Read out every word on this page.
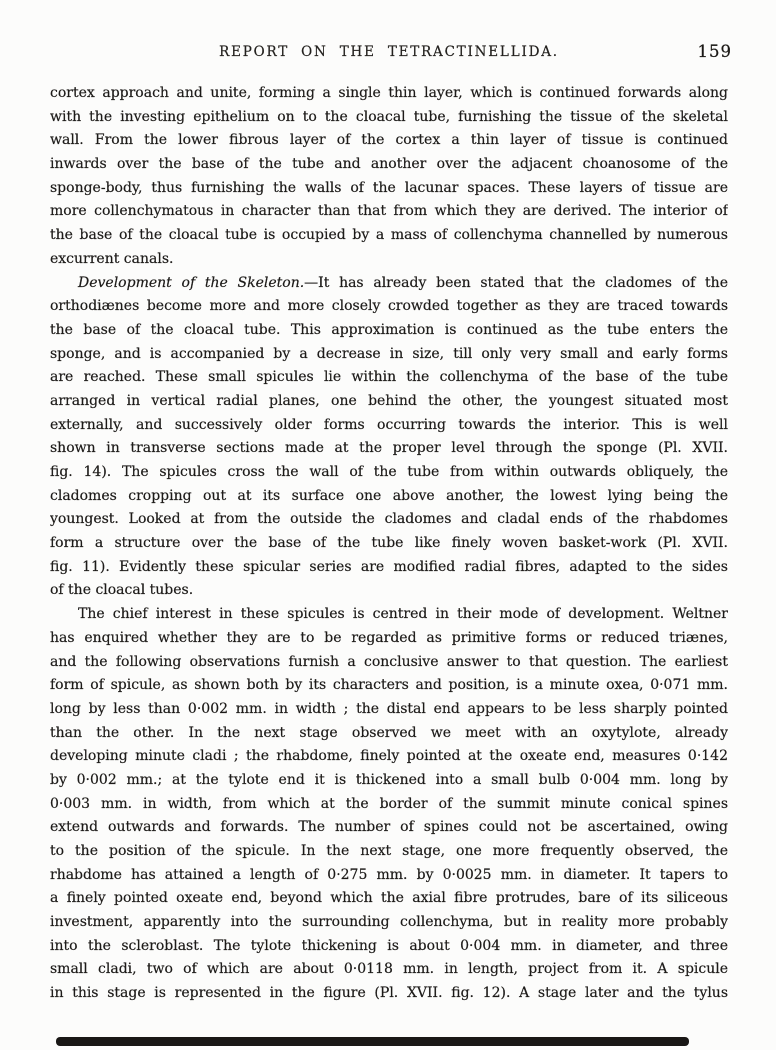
REPORT ON THE TETRACTINELLIDA.	159
cortex approach and unite, forming a single thin layer, which is continued forwards along
with the investing epithelium on to the cloacal tube, furnishing the tissue of the skeletal
wall. From the lower fibrous layer of the cortex a thin layer of tissue is continued
inwards over the base of the tube and another over the adjacent choanosome of the
sponge-body, thus furnishing the walls of the lacunar spaces. These layers of tissue are
more collenchymatous in character than that from which they are derived. The interior of
the base of the cloacal tube is occupied by a mass of collenchyma channelled by numerous
excurrent canals.
Development of the Skeleton.—It has already been stated that the cladomes of the
orthodiænes become more and more closely crowded together as they are traced towards
the base of the cloacal tube. This approximation is continued as the tube enters the
sponge, and is accompanied by a decrease in size, till only very small and early forms
are reached. These small spicules lie within the collenchyma of the base of the tube
arranged in vertical radial planes, one behind the other, the youngest situated most
externally, and successively older forms occurring towards the interior. This is well
shown in transverse sections made at the proper level through the sponge (Pl. XVII.
fig. 14). The spicules cross the wall of the tube from within outwards obliquely, the
cladomes cropping out at its surface one above another, the lowest lying being the
youngest. Looked at from the outside the cladomes and cladal ends of the rhabdomes
form a structure over the base of the tube like finely woven basket-work (Pl. XVII.
fig. 11). Evidently these spicular series are modified radial fibres, adapted to the sides
of the cloacal tubes.
The chief interest in these spicules is centred in their mode of development. Weltner
has enquired whether they are to be regarded as primitive forms or reduced triænes,
and the following observations furnish a conclusive answer to that question. The earliest
form of spicule, as shown both by its characters and position, is a minute oxea, 0·071 mm.
long by less than 0·002 mm. in width ; the distal end appears to be less sharply pointed
than the other. In the next stage observed we meet with an oxytylote, already
developing minute cladi ; the rhabdome, finely pointed at the oxeate end, measures 0·142
by 0·002 mm.; at the tylote end it is thickened into a small bulb 0·004 mm. long by
0·003 mm. in width, from which at the border of the summit minute conical spines
extend outwards and forwards. The number of spines could not be ascertained, owing
to the position of the spicule. In the next stage, one more frequently observed, the
rhabdome has attained a length of 0·275 mm. by 0·0025 mm. in diameter. It tapers to
a finely pointed oxeate end, beyond which the axial fibre protrudes, bare of its siliceous
investment, apparently into the surrounding collenchyma, but in reality more probably
into the scleroblast. The tylote thickening is about 0·004 mm. in diameter, and three
small cladi, two of which are about 0·0118 mm. in length, project from it. A spicule
in this stage is represented in the figure (Pl. XVII. fig. 12). A stage later and the tylus
